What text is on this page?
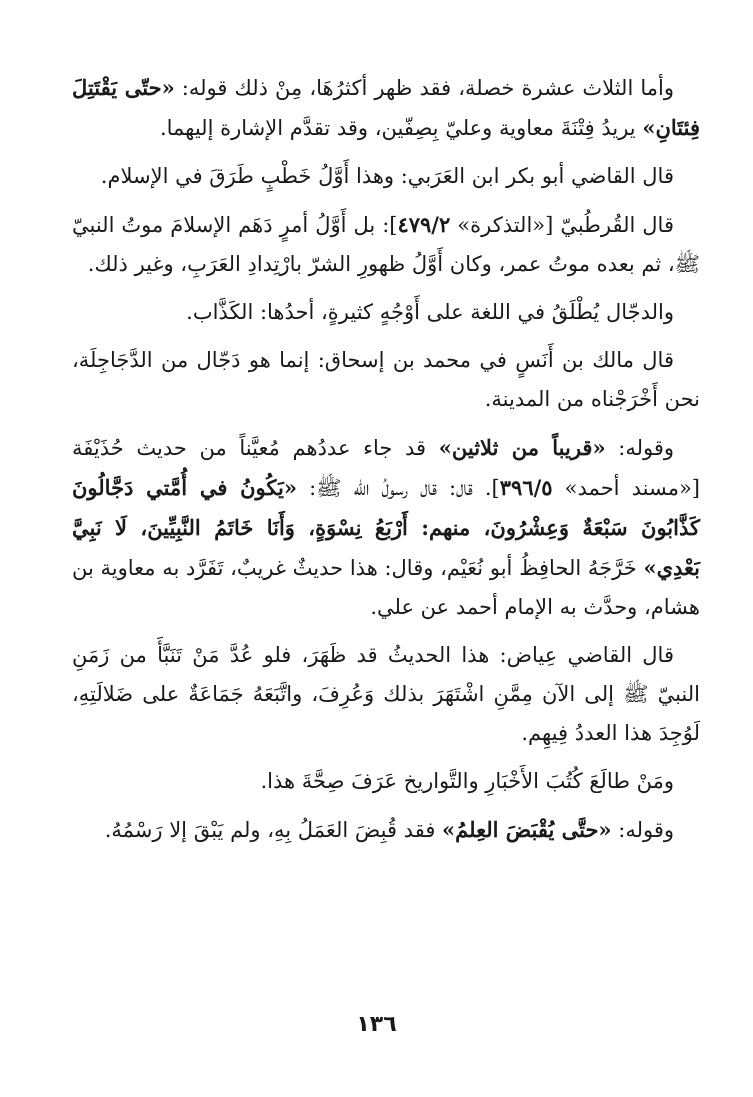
وأما الثلاث عشرة خصلة، فقد ظهر أكثرُهَا، مِنْ ذلك قوله: «حتّى يَقْتَتِلَ فِئتَانِ» يريدُ فِتْنَةَ معاوية وعليّ بِصِفّين، وقد تقدَّم الإشارة إليهما.

قال القاضي أبو بكر ابن العَرَبي: وهذا أَوَّلُ خَطْبٍ طَرَقَ في الإسلام.

قال القُرطُبيّ [«التذكرة» ٤٧٩/٢]: بل أَوَّلُ أمرٍ دَهَم الإسلامَ موتُ النبيّ ﷺ، ثم بعده موتُ عمر، وكان أَوَّلُ ظهورِ الشرّ بارْتِدادِ العَرَبِ، وغير ذلك.

والدجّال يُطْلَقُ في اللغة على أَوْجُهٍ كثيرةٍ، أحدُها: الكَذَّاب.

قال مالك بن أَنَسٍ في محمد بن إسحاق: إنما هو دَجّال من الدَّجَاجِلَة، نحن أَخْرَجْناه من المدينة.

وقوله: «قريباً من ثلاثين» قد جاء عددُهم مُعيَّناً من حديث حُذَيْفَة [«مسند أحمد» ٣٩٦/٥]. قال: قال رسولُ الله ﷺ: «يَكُونُ في أُمَّتي دَجَّالُونَ كَذَّابُونَ سَبْعَةٌ وَعِشْرُونَ، منهم: أَرْبَعُ نِسْوَةٍ، وَأَنَا خَاتَمُ النَّبِيِّينَ، لَا نَبِيَّ بَعْدِي» خَرَّجَهُ الحافِظُ أبو نُعَيْم، وقال: هذا حديثٌ غريبٌ، تَفَرَّد به معاوية بن هشام، وحدَّث به الإمام أحمد عن علي.

قال القاضي عِياض: هذا الحديثُ قد ظَهَرَ، فلو عُدَّ مَنْ تَنَبَّأَ من زَمَنِ النبيّ ﷺ إلى الآن مِمَّنِ اشْتَهَرَ بذلك وَعُرِفَ، واتَّبَعَهُ جَمَاعَةٌ على ضَلالَتِهِ، لَوُجِدَ هذا العددُ فِيهِم.

ومَنْ طالَعَ كُتُبَ الأَخْبَارِ والتَّواريخ عَرَفَ صِحَّةَ هذا.

وقوله: «حتَّى يُقْبَضَ العِلمُ» فقد قُبِضَ العَمَلُ بِهِ، ولم يَبْقَ إلا رَسْمُهُ.

١٣٦
